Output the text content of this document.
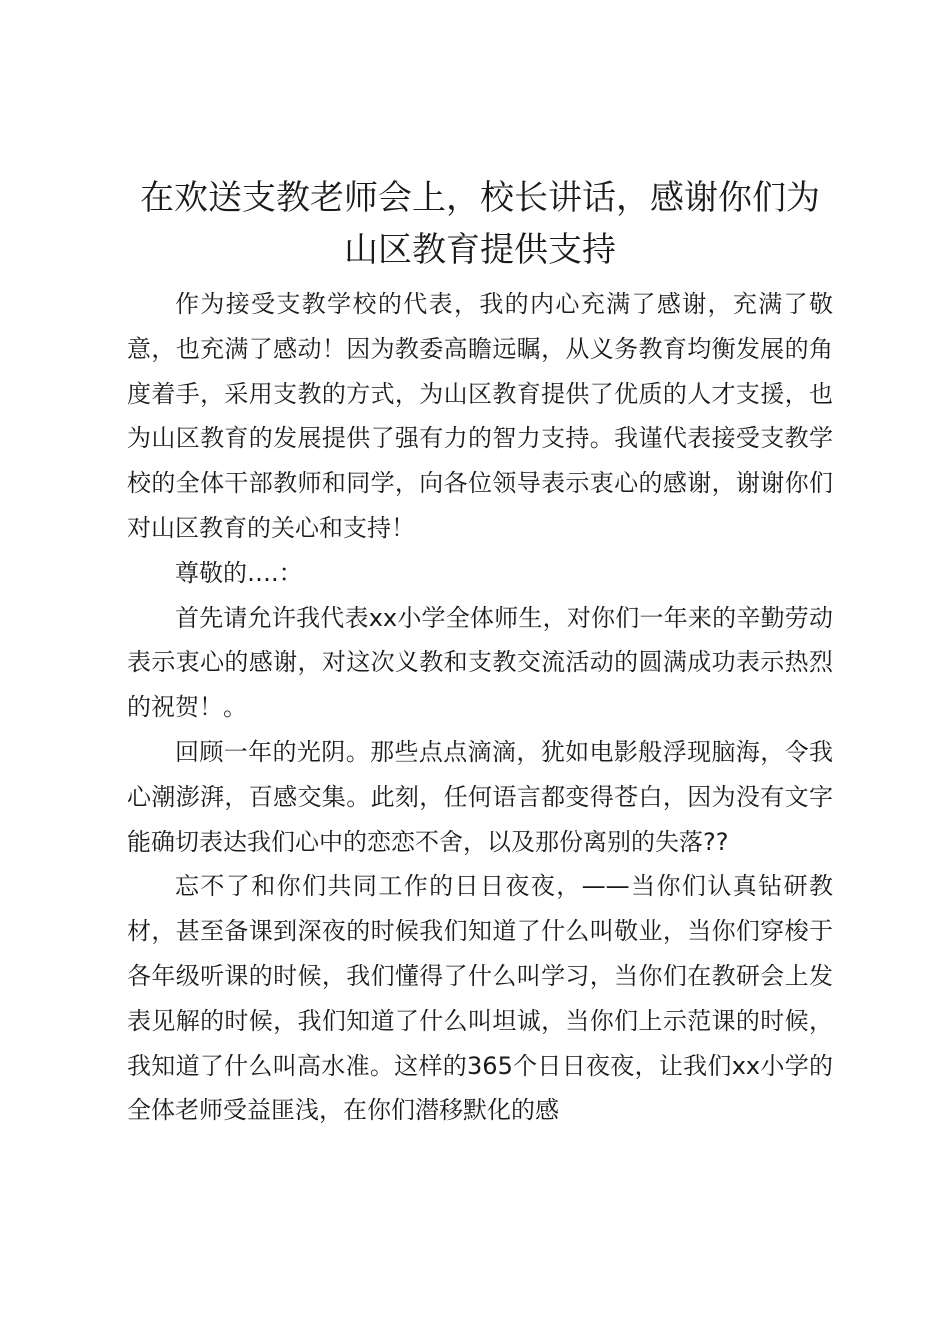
在欢送支教老师会上，校长讲话，感谢你们为山区教育提供支持

作为接受支教学校的代表，我的内心充满了感谢，充满了敬意，也充满了感动！因为教委高瞻远瞩，从义务教育均衡发展的角度着手，采用支教的方式，为山区教育提供了优质的人才支援，也为山区教育的发展提供了强有力的智力支持。我谨代表接受支教学校的全体干部教师和同学，向各位领导表示衷心的感谢，谢谢你们对山区教育的关心和支持！

尊敬的….：

首先请允许我代表xx小学全体师生，对你们一年来的辛勤劳动表示衷心的感谢，对这次义教和支教交流活动的圆满成功表示热烈的祝贺！。

回顾一年的光阴。那些点点滴滴，犹如电影般浮现脑海，令我心潮澎湃，百感交集。此刻，任何语言都变得苍白，因为没有文字能确切表达我们心中的恋恋不舍，以及那份离别的失落??

忘不了和你们共同工作的日日夜夜，——当你们认真钻研教材，甚至备课到深夜的时候我们知道了什么叫敬业，当你们穿梭于各年级听课的时候，我们懂得了什么叫学习，当你们在教研会上发表见解的时候，我们知道了什么叫坦诚，当你们上示范课的时候，我知道了什么叫高水准。这样的365个日日夜夜，让我们xx小学的全体老师受益匪浅，在你们潜移默化的感
